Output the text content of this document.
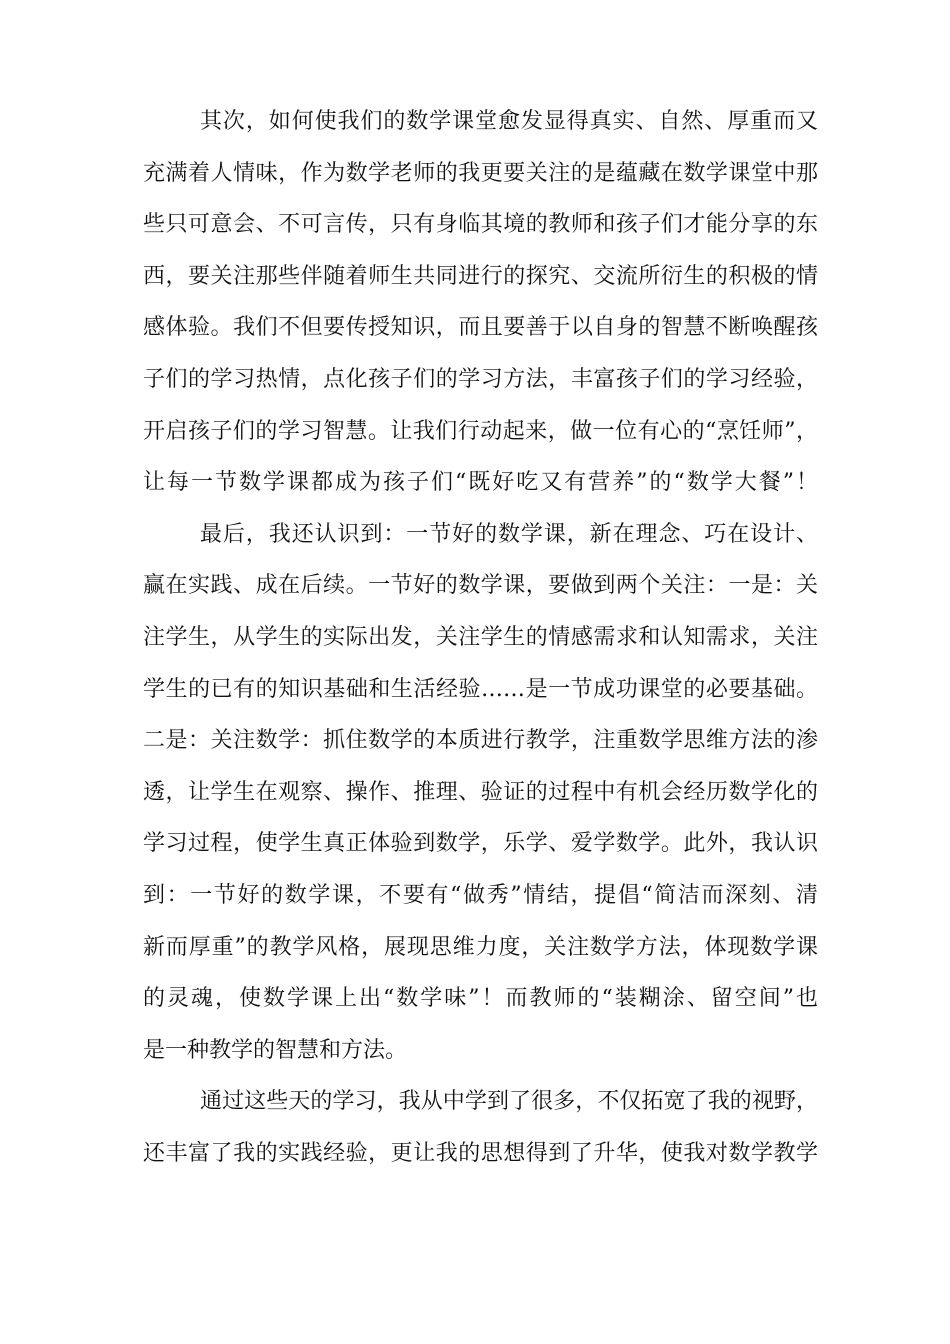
其次，如何使我们的数学课堂愈发显得真实、自然、厚重而又
充满着人情味，作为数学老师的我更要关注的是蕴藏在数学课堂中那
些只可意会、不可言传，只有身临其境的教师和孩子们才能分享的东
西，要关注那些伴随着师生共同进行的探究、交流所衍生的积极的情
感体验。我们不但要传授知识，而且要善于以自身的智慧不断唤醒孩
子们的学习热情，点化孩子们的学习方法，丰富孩子们的学习经验，
开启孩子们的学习智慧。让我们行动起来，做一位有心的“烹饪师”，
让每一节数学课都成为孩子们“既好吃又有营养”的“数学大餐”！
最后，我还认识到：一节好的数学课，新在理念、巧在设计、
赢在实践、成在后续。一节好的数学课，要做到两个关注：一是：关
注学生，从学生的实际出发，关注学生的情感需求和认知需求，关注
学生的已有的知识基础和生活经验……是一节成功课堂的必要基础。
二是：关注数学：抓住数学的本质进行教学，注重数学思维方法的渗
透，让学生在观察、操作、推理、验证的过程中有机会经历数学化的
学习过程，使学生真正体验到数学，乐学、爱学数学。此外，我认识
到：一节好的数学课，不要有“做秀”情结，提倡“简洁而深刻、清
新而厚重”的教学风格，展现思维力度，关注数学方法，体现数学课
的灵魂，使数学课上出“数学味”！而教师的“装糊涂、留空间”也
是一种教学的智慧和方法。
通过这些天的学习，我从中学到了很多，不仅拓宽了我的视野，
还丰富了我的实践经验，更让我的思想得到了升华，使我对数学教学
